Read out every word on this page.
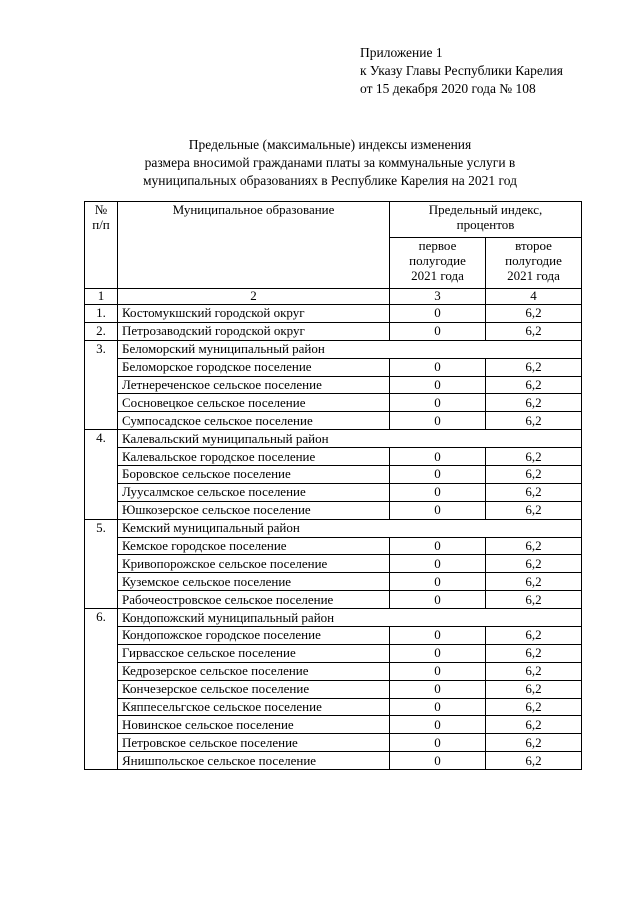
Приложение 1
к Указу Главы Республики Карелия
от 15 декабря 2020 года № 108
Предельные (максимальные) индексы изменения
размера вносимой гражданами платы за коммунальные услуги в
муниципальных образованиях в Республике Карелия на 2021 год
№ п/п	Муниципальное образование	Предельный индекс, процентов	
		первое полугодие 2021 года	второе полугодие 2021 года
1	2	3	4
1.	Костомукшский городской округ	0	6,2
2.	Петрозаводский городской округ	0	6,2
3.	Беломорский муниципальный район		
	Беломорское городское поселение	0	6,2
	Летнереченское сельское поселение	0	6,2
	Сосновецкое сельское поселение	0	6,2
	Сумпосадское сельское поселение	0	6,2
4.	Калевальский муниципальный район		
	Калевальское городское поселение	0	6,2
	Боровское сельское поселение	0	6,2
	Луусалмское сельское поселение	0	6,2
	Юшкозерское сельское поселение	0	6,2
5.	Кемский муниципальный район		
	Кемское городское поселение	0	6,2
	Кривопорожское сельское поселение	0	6,2
	Куземское сельское поселение	0	6,2
	Рабочеостровское сельское поселение	0	6,2
6.	Кондопожский муниципальный район		
	Кондопожское городское поселение	0	6,2
	Гирвасское сельское поселение	0	6,2
	Кедрозерское сельское поселение	0	6,2
	Кончезерское сельское поселение	0	6,2
	Кяппесельгское сельское поселение	0	6,2
	Новинское сельское поселение	0	6,2
	Петровское сельское поселение	0	6,2
	Янишпольское сельское поселение	0	6,2
